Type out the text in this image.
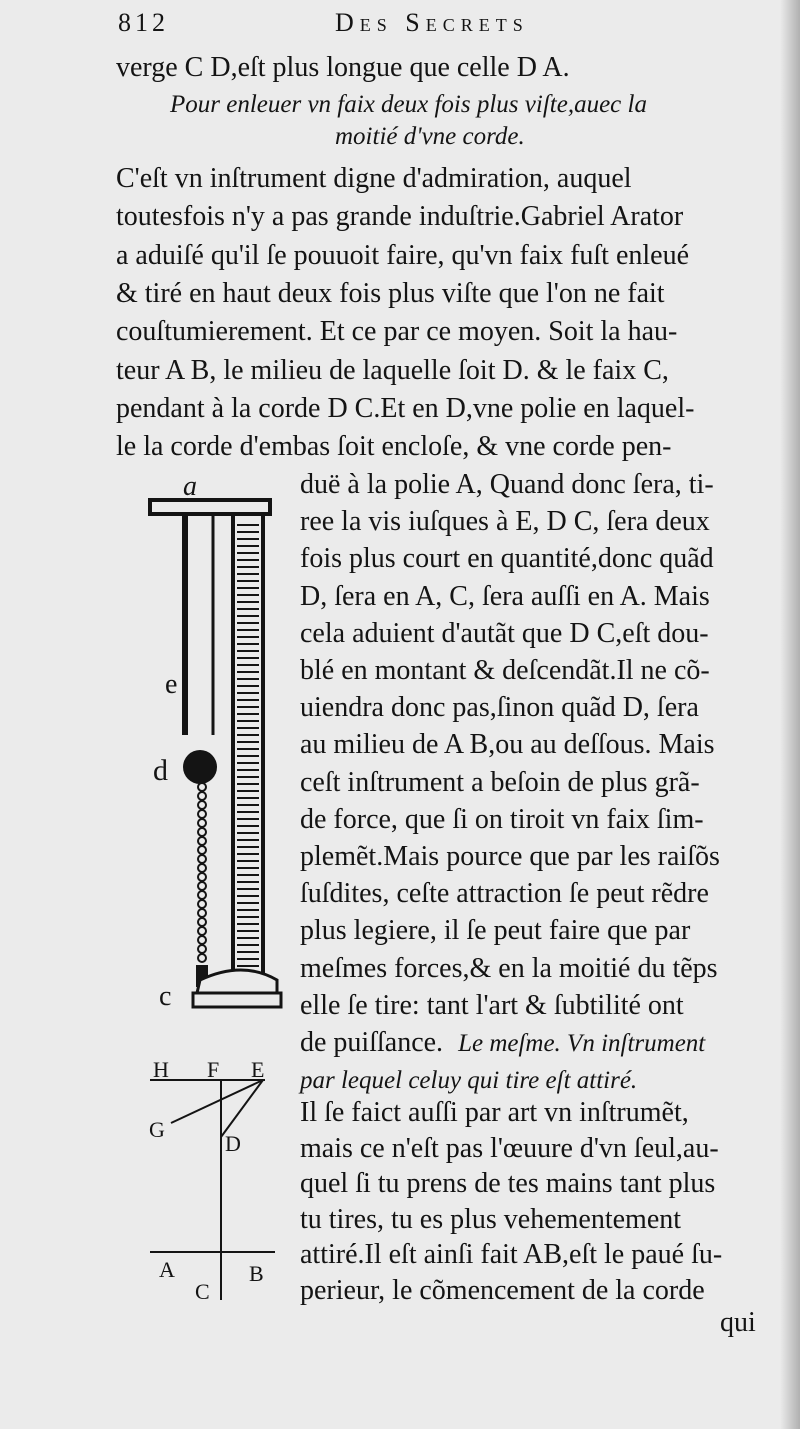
812	Des Secrets
verge C D,eſt plus longue que celle D A.
Pour enleuer vn faix deux fois plus viſte,auec la
moitié d'vne corde.
C'eſt vn inſtrument digne d'admiration, auquel
toutesfois n'y a pas grande induſtrie.Gabriel Arator
a aduiſé qu'il ſe pouuoit faire, qu'vn faix fuſt enleué
& tiré en haut deux fois plus viſte que l'on ne fait
couſtumierement. Et ce par ce moyen. Soit la hau-
teur A B, le milieu de laquelle ſoit D. & le faix C,
pendant à la corde D C.Et en D,vne polie en laquel-
le la corde d'embas ſoit encloſe, & vne corde pen-
duë à la polie A, Quand donc ſera, ti-
ree la vis iuſques à E, D C, ſera deux
fois plus court en quantité,donc quãd
D, ſera en A, C, ſera auſſi en A. Mais
cela aduient d'autãt que D C,eſt dou-
blé en montant & deſcendãt.Il ne cõ-
uiendra donc pas,ſinon quãd D, ſera
au milieu de A B,ou au deſſous. Mais
ceſt inſtrument a beſoin de plus grã-
de force, que ſi on tiroit vn faix ſim-
plemẽt.Mais pource que par les raiſõs
ſuſdites, ceſte attraction ſe peut rẽdre
plus legiere, il ſe peut faire que par
meſmes forces,& en la moitié du tẽps
elle ſe tire: tant l'art & ſubtilité ont
de puiſſance. Le meſme. Vn inſtrument
par lequel celuy qui tire eſt attiré.
Il ſe faict auſſi par art vn inſtrumẽt,
mais ce n'eſt pas l'œuure d'vn ſeul,au-
quel ſi tu prens de tes mains tant plus
tu tires, tu es plus vehementement
attiré.Il eſt ainſi fait AB,eſt le paué ſu-
perieur, le cõmencement de la corde
qui
a
e
d
c
H F E
G
D
A
C
B
